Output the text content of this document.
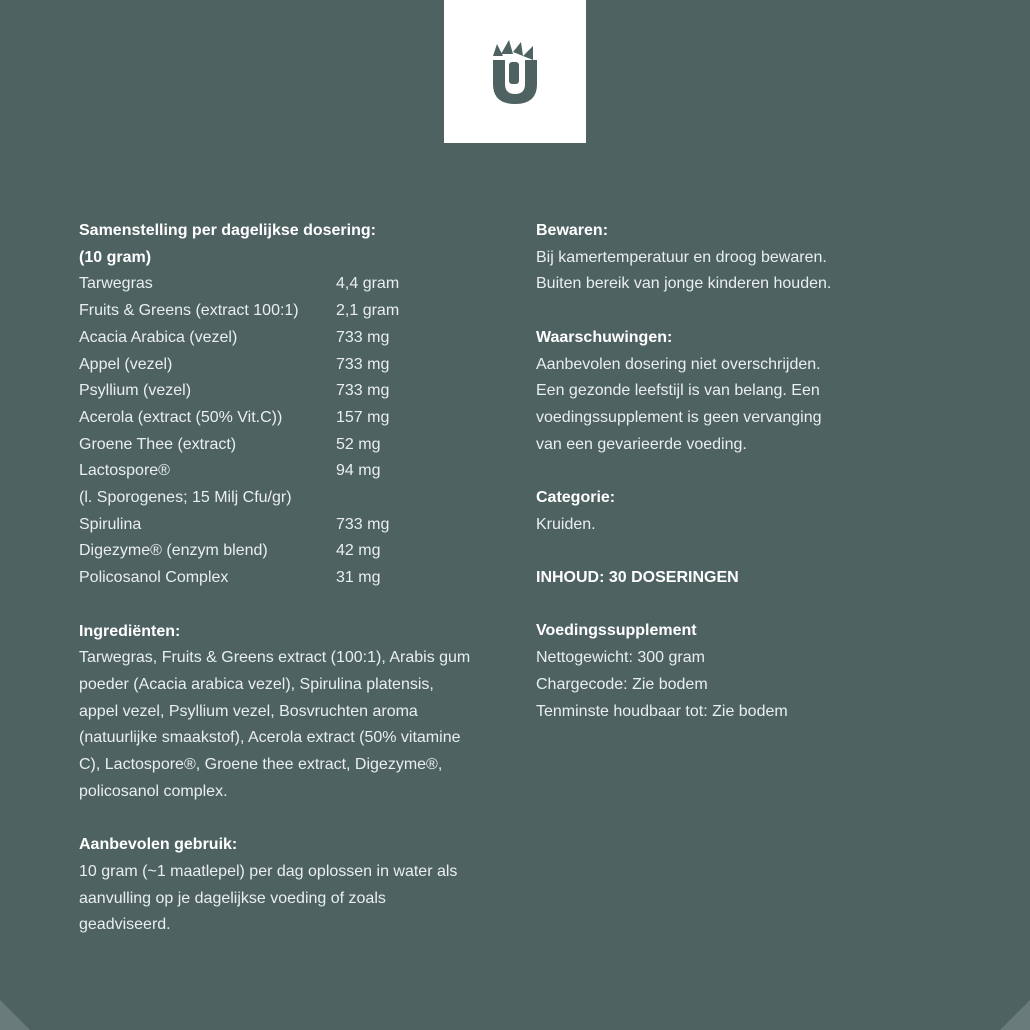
Samenstelling per dagelijkse dosering:
(10 gram)
Tarwegras	4,4 gram
Fruits & Greens (extract 100:1)	2,1 gram
Acacia Arabica (vezel)	733 mg
Appel (vezel)	733 mg
Psyllium (vezel)	733 mg
Acerola (extract (50% Vit.C))	157 mg
Groene Thee (extract)	52 mg
Lactospore®	94 mg
(l. Sporogenes; 15 Milj Cfu/gr)
Spirulina	733 mg
Digezyme® (enzym blend)	42 mg
Policosanol Complex	31 mg
Ingrediënten:
Tarwegras, Fruits & Greens extract (100:1), Arabis gum
poeder (Acacia arabica vezel), Spirulina platensis,
appel vezel, Psyllium vezel, Bosvruchten aroma
(natuurlijke smaakstof), Acerola extract (50% vitamine
C), Lactospore®, Groene thee extract, Digezyme®,
policosanol complex.
Aanbevolen gebruik:
10 gram (~1 maatlepel) per dag oplossen in water als
aanvulling op je dagelijkse voeding of zoals
geadviseerd.
Bewaren:
Bij kamertemperatuur en droog bewaren.
Buiten bereik van jonge kinderen houden.
Waarschuwingen:
Aanbevolen dosering niet overschrijden.
Een gezonde leefstijl is van belang. Een
voedingssupplement is geen vervanging
van een gevarieerde voeding.
Categorie:
Kruiden.
INHOUD: 30 DOSERINGEN
Voedingssupplement
Nettogewicht: 300 gram
Chargecode: Zie bodem
Tenminste houdbaar tot: Zie bodem
